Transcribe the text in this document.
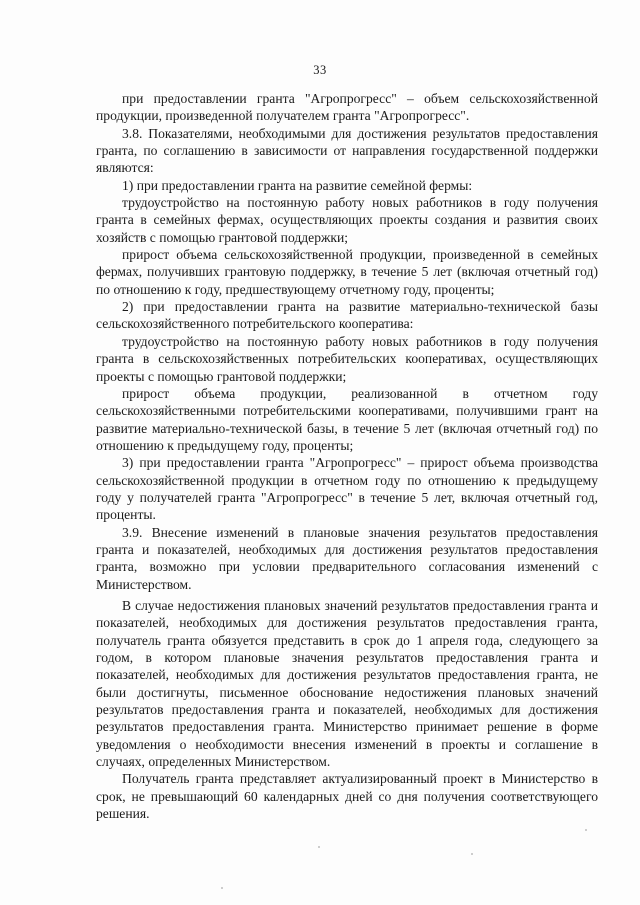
33

при предоставлении гранта "Агропрогресс" – объем сельскохозяйственной продукции, произведенной получателем гранта "Агропрогресс".

3.8. Показателями, необходимыми для достижения результатов предоставления гранта, по соглашению в зависимости от направления государственной поддержки являются:

1) при предоставлении гранта на развитие семейной фермы:

трудоустройство на постоянную работу новых работников в году получения гранта в семейных фермах, осуществляющих проекты создания и развития своих хозяйств с помощью грантовой поддержки;

прирост объема сельскохозяйственной продукции, произведенной в семейных фермах, получивших грантовую поддержку, в течение 5 лет (включая отчетный год) по отношению к году, предшествующему отчетному году, проценты;

2) при предоставлении гранта на развитие материально-технической базы сельскохозяйственного потребительского кооператива:

трудоустройство на постоянную работу новых работников в году получения гранта в сельскохозяйственных потребительских кооперативах, осуществляющих проекты с помощью грантовой поддержки;

прирост объема продукции, реализованной в отчетном году сельскохозяйственными потребительскими кооперативами, получившими грант на развитие материально-технической базы, в течение 5 лет (включая отчетный год) по отношению к предыдущему году, проценты;

3) при предоставлении гранта "Агропрогресс" – прирост объема производства сельскохозяйственной продукции в отчетном году по отношению к предыдущему году у получателей гранта "Агропрогресс" в течение 5 лет, включая отчетный год, проценты.

3.9. Внесение изменений в плановые значения результатов предоставления гранта и показателей, необходимых для достижения результатов предоставления гранта, возможно при условии предварительного согласования изменений с Министерством.

В случае недостижения плановых значений результатов предоставления гранта и показателей, необходимых для достижения результатов предоставления гранта, получатель гранта обязуется представить в срок до 1 апреля года, следующего за годом, в котором плановые значения результатов предоставления гранта и показателей, необходимых для достижения результатов предоставления гранта, не были достигнуты, письменное обоснование недостижения плановых значений результатов предоставления гранта и показателей, необходимых для достижения результатов предоставления гранта. Министерство принимает решение в форме уведомления о необходимости внесения изменений в проекты и соглашение в случаях, определенных Министерством.

Получатель гранта представляет актуализированный проект в Министерство в срок, не превышающий 60 календарных дней со дня получения соответствующего решения.
